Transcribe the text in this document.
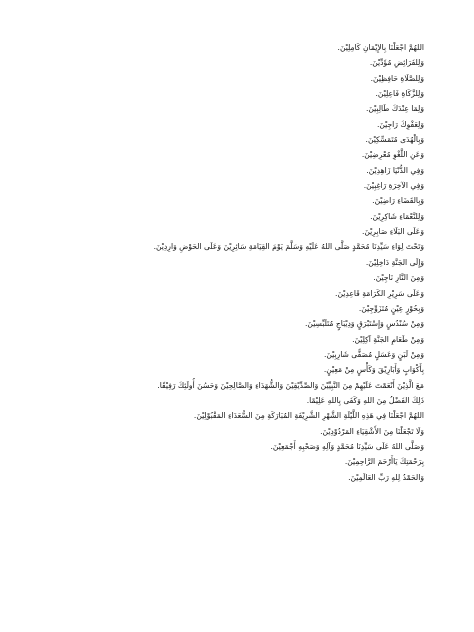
اللهُمَّ اجْعَلْنَا بِالإِيْمَانِ كَامِلِيْنَ.
وَلِلفَرَائِضِ مُؤَدِّيْنَ.
وَلِلصَّلَاةِ حَافِظِيْنَ.
وَلِلزَّكَاةِ فَاعِلِيْنَ.
وَلِمَا عِنْدَكَ طَالِبِيْنَ.
وَلِعَفْوِكَ رَاجِيْنَ.
وَبِالْهُدَى مُتَمَسِّكِيْنَ.
وَعَنِ اللَّغْوِ مُعْرِضِيْنَ.
وَفِي الدُّنْيَا زَاهِدِيْنَ.
وَفِي الآخِرَةِ رَاغِبِيْنَ.
وَبِالقَضَاءِ رَاضِيْنَ.
وَلِلنَّعْمَاءِ شَاكِرِيْنَ.
وَعَلَى البَلَاءِ صَابِرِيْنَ.
وَتَحْتَ لِوَاءِ سَيِّدِنَا مُحَمَّدٍ صَلَّى اللهُ عَلَيْهِ وَسَلَّمَ يَوْمَ القِيَامَةِ سَائِرِيْنَ وَعَلَى الحَوْضِ وَارِدِيْنَ.
وَإِلَى الجَنَّةِ دَاخِلِيْنَ.
وَمِنَ النَّارِ نَاجِيْنَ.
وَعَلَى سَرِيْرِ الكَرَامَةِ قَاعِدِيْنَ.
وَبِحُوْرٍ عِيْنٍ مُتَزَوِّجِيْنَ.
وَمِنْ سُنْدُسٍ وَإِسْتَبْرَقٍ وَدِيْبَاجٍ مُتَلَبِّسِيْنَ.
وَمِنْ طَعَامِ الجَنَّةِ آكِلِيْنَ.
وَمِنْ لَبَنٍ وَعَسَلٍ مُصَفًّى شَارِبِيْنَ.
بِأَكْوَابٍ وَأَبَارِيْقَ وَكَأْسٍ مِنْ مَعِيْنٍ.
مَعَ الَّذِيْنَ أَنْعَمْتَ عَلَيْهِمْ مِنَ النَّبِيِّيْنَ وَالصِّدِّيْقِيْنَ وَالشُّهَدَاءِ وَالصَّالِحِيْنَ وَحَسُنَ أُولَئِكَ رَفِيْقًا.
ذَلِكَ الفَضْلُ مِنَ اللهِ وَكَفَى بِاللهِ عَلِيْمًا.
اللهُمَّ اجْعَلْنَا فِي هَذِهِ اللَّيْلَةِ الشَّهْرِ الشَّرِيْفَةِ المُبَارَكَةِ مِنَ السُّعَدَاءِ المَقْبُوْلِيْنَ.
وَلَا تَجْعَلْنَا مِنَ الأَشْقِيَاءِ المَرْدُوْدِيْنَ.
وَصَلَّى اللهُ عَلَى سَيِّدِنَا مُحَمَّدٍ وَآلِهِ وَصَحْبِهِ أَجْمَعِيْنَ.
بِرَحْمَتِكَ يَاأَرْحَمَ الرَّاحِمِيْنَ.
وَالحَمْدُ لِلهِ رَبِّ العَالَمِيْنَ.
